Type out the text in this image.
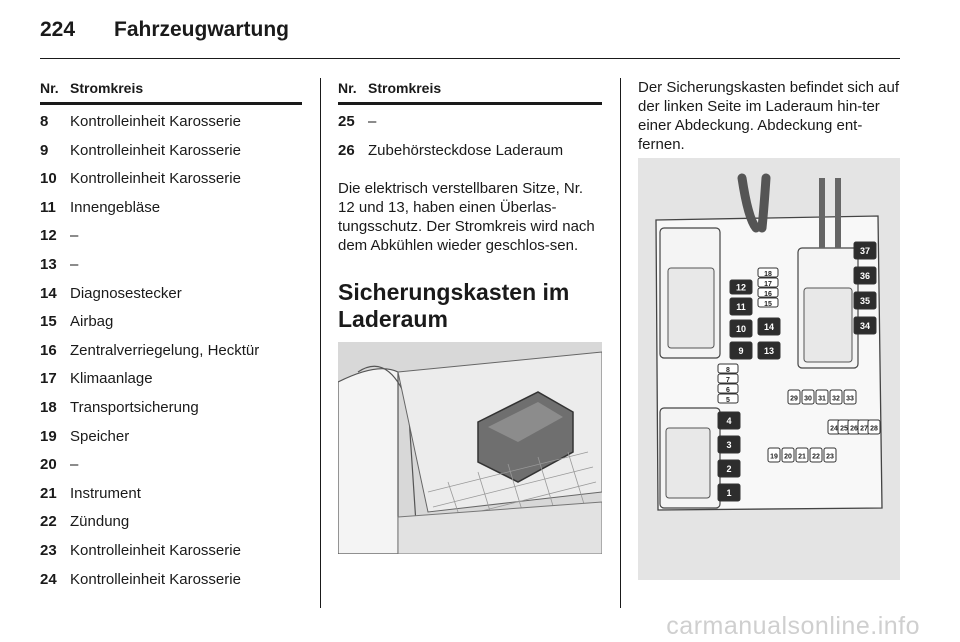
224 Fahrzeugwartung
Nr. Stromkreis
8 Kontrolleinheit Karosserie
9 Kontrolleinheit Karosserie
10 Kontrolleinheit Karosserie
11 Innengebläse
12 –
13 –
14 Diagnosestecker
15 Airbag
16 Zentralverriegelung, Hecktür
17 Klimaanlage
18 Transportsicherung
19 Speicher
20 –
21 Instrument
22 Zündung
23 Kontrolleinheit Karosserie
24 Kontrolleinheit Karosserie
Nr. Stromkreis
25 –
26 Zubehörsteckdose Laderaum
Die elektrisch verstellbaren Sitze, Nr. 12 und 13, haben einen Überlas-tungsschutz. Der Stromkreis wird nach dem Abkühlen wieder geschlos-sen.
Sicherungskasten im Laderaum
Der Sicherungskasten befindet sich auf der linken Seite im Laderaum hin-ter einer Abdeckung. Abdeckung ent-fernen.
37
36
35
34
18
17
16
15
12
11
14
10
9 13
8
7
6
5
4
3
2
1
29 30 31 32 33
19 20 21 22 23
24 25 26 27 28
carmanualsonline.info
